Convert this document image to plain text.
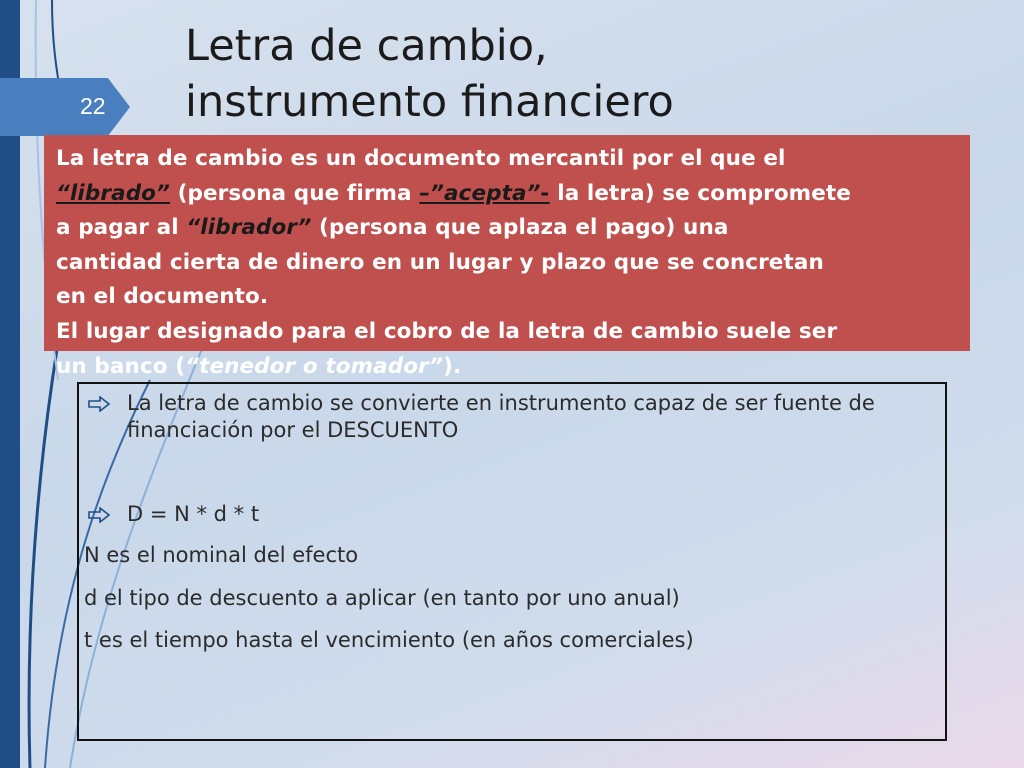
22
Letra de cambio,
instrumento financiero

La letra de cambio es un documento mercantil por el que el

“librado” (persona que firma –”acepta”- la letra) se compromete

a pagar al “librador” (persona que aplaza el pago) una

cantidad cierta de dinero en un lugar y plazo que se concretan

en el documento.

El lugar designado para el cobro de la letra de cambio suele ser

un banco (“tenedor o tomador”).

La letra de cambio se convierte en instrumento capaz de ser fuente de financiación por el DESCUENTO
D = N * d * t
N es el nominal del efecto
d el tipo de descuento a aplicar (en tanto por uno anual)
t es el tiempo hasta el vencimiento (en años comerciales)
